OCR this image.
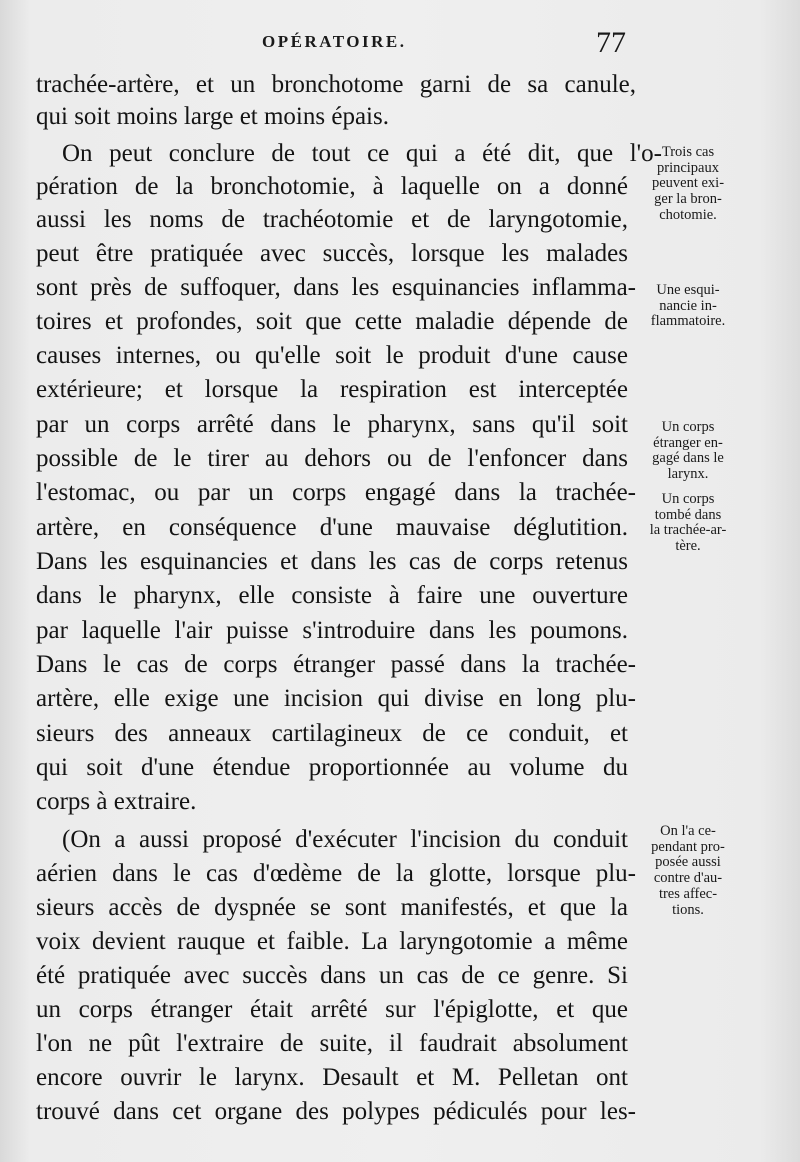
OPÉRATOIRE.	77
trachée-artère, et un bronchotome garni de sa canule,
qui soit moins large et moins épais.
On peut conclure de tout ce qui a été dit, que l'o-
pération de la bronchotomie, à laquelle on a donné
aussi les noms de trachéotomie et de laryngotomie,
peut être pratiquée avec succès, lorsque les malades
sont près de suffoquer, dans les esquinancies inflamma-
toires et profondes, soit que cette maladie dépende de
causes internes, ou qu'elle soit le produit d'une cause
extérieure; et lorsque la respiration est interceptée
par un corps arrêté dans le pharynx, sans qu'il soit
possible de le tirer au dehors ou de l'enfoncer dans
l'estomac, ou par un corps engagé dans la trachée-
artère, en conséquence d'une mauvaise déglutition.
Dans les esquinancies et dans les cas de corps retenus
dans le pharynx, elle consiste à faire une ouverture
par laquelle l'air puisse s'introduire dans les poumons.
Dans le cas de corps étranger passé dans la trachée-
artère, elle exige une incision qui divise en long plu-
sieurs des anneaux cartilagineux de ce conduit, et
qui soit d'une étendue proportionnée au volume du
corps à extraire.
(On a aussi proposé d'exécuter l'incision du conduit
aérien dans le cas d'œdème de la glotte, lorsque plu-
sieurs accès de dyspnée se sont manifestés, et que la
voix devient rauque et faible. La laryngotomie a même
été pratiquée avec succès dans un cas de ce genre. Si
un corps étranger était arrêté sur l'épiglotte, et que
l'on ne pût l'extraire de suite, il faudrait absolument
encore ouvrir le larynx. Desault et M. Pelletan ont
trouvé dans cet organe des polypes pédiculés pour les-
Trois cas
principaux
peuvent exi-
ger la bron-
chotomie.
Une esqui-
nancie in-
flammatoire.
Un corps
étranger en-
gagé dans le
larynx.
Un corps
tombé dans
la trachée-ar-
tère.
On l'a ce-
pendant pro-
posée aussi
contre d'au-
tres affec-
tions.
